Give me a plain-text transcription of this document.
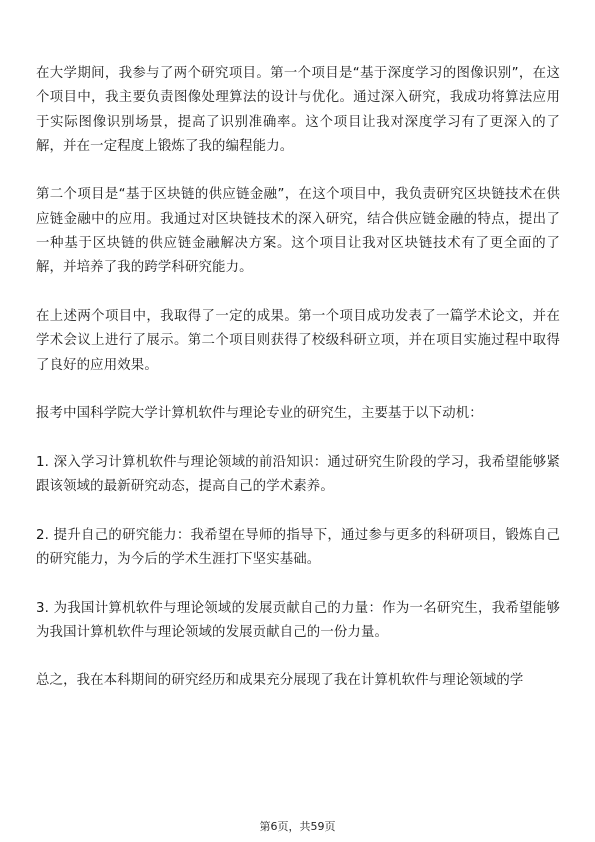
在大学期间，我参与了两个研究项目。第一个项目是“基于深度学习的图像识别”，在这个项目中，我主要负责图像处理算法的设计与优化。通过深入研究，我成功将算法应用于实际图像识别场景，提高了识别准确率。这个项目让我对深度学习有了更深入的了解，并在一定程度上锻炼了我的编程能力。

第二个项目是“基于区块链的供应链金融”，在这个项目中，我负责研究区块链技术在供应链金融中的应用。我通过对区块链技术的深入研究，结合供应链金融的特点，提出了一种基于区块链的供应链金融解决方案。这个项目让我对区块链技术有了更全面的了解，并培养了我的跨学科研究能力。

在上述两个项目中，我取得了一定的成果。第一个项目成功发表了一篇学术论文，并在学术会议上进行了展示。第二个项目则获得了校级科研立项，并在项目实施过程中取得了良好的应用效果。

报考中国科学院大学计算机软件与理论专业的研究生，主要基于以下动机：

1. 深入学习计算机软件与理论领域的前沿知识：通过研究生阶段的学习，我希望能够紧跟该领域的最新研究动态，提高自己的学术素养。

2. 提升自己的研究能力：我希望在导师的指导下，通过参与更多的科研项目，锻炼自己的研究能力，为今后的学术生涯打下坚实基础。

3. 为我国计算机软件与理论领域的发展贡献自己的力量：作为一名研究生，我希望能够为我国计算机软件与理论领域的发展贡献自己的一份力量。

总之，我在本科期间的研究经历和成果充分展现了我在计算机软件与理论领域的学

第6页，共59页
